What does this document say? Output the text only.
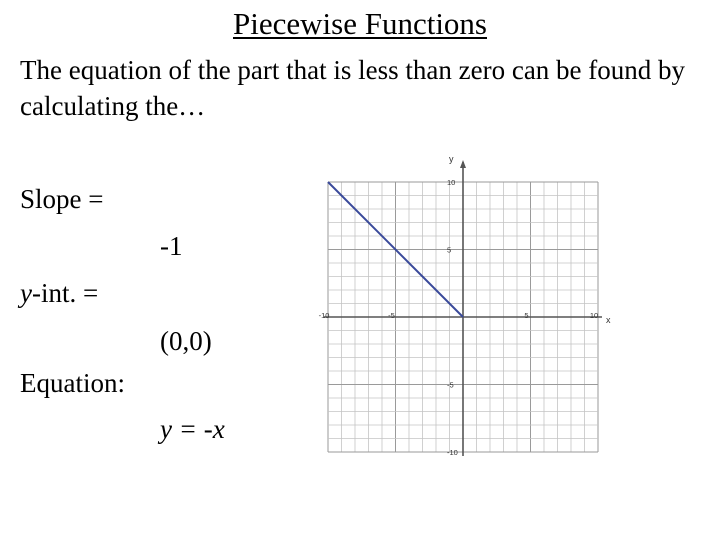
Piecewise Functions
The equation of the part that is less than zero can be found by calculating the…
Slope =
-1
y-int. =
(0,0)
Equation:
y = -x
x
y
-10	-5	5	10
10
5
-5
-10
